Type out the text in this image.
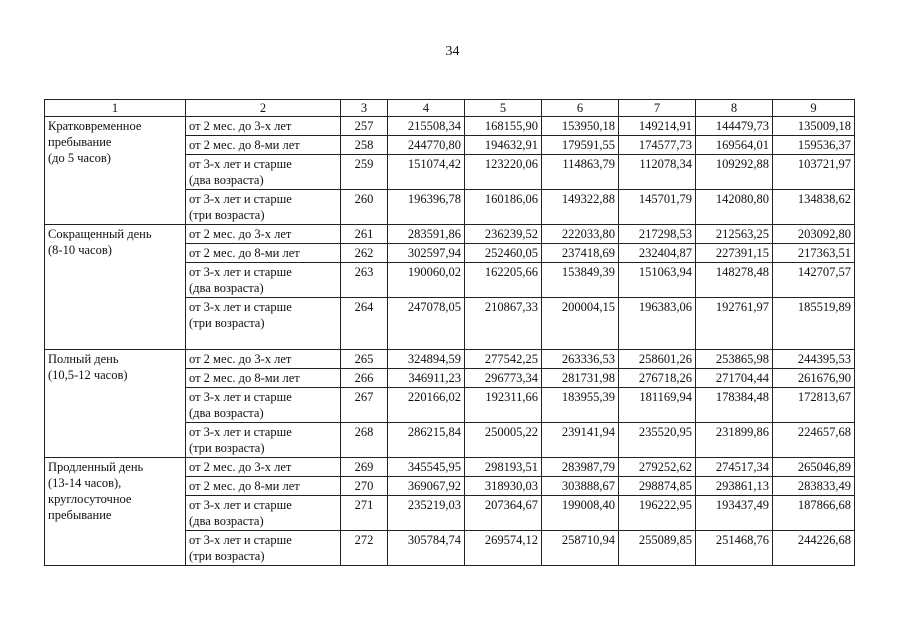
34
1	2	3	4	5	6	7	8	9

Кратковременное
пребывание
(до 5 часов)	от 2 мес. до 3-х лет	257	215508,34	168155,90	153950,18	149214,91	144479,73	135009,18

	от 2 мес. до 8-ми лет	258	244770,80	194632,91	179591,55	174577,73	169564,01	159536,37

	от 3-х лет и старше
(два возраста)	259	151074,42	123220,06	114863,79	112078,34	109292,88	103721,97

	от 3-х лет и старше
(три возраста)	260	196396,78	160186,06	149322,88	145701,79	142080,80	134838,62

Сокращенный день
(8-10 часов)	от 2 мес. до 3-х лет	261	283591,86	236239,52	222033,80	217298,53	212563,25	203092,80

	от 2 мес. до 8-ми лет	262	302597,94	252460,05	237418,69	232404,87	227391,15	217363,51

	от 3-х лет и старше
(два возраста)	263	190060,02	162205,66	153849,39	151063,94	148278,48	142707,57

	от 3-х лет и старше
(три возраста)	264	247078,05	210867,33	200004,15	196383,06	192761,97	185519,89

Полный день
(10,5-12 часов)	от 2 мес. до 3-х лет	265	324894,59	277542,25	263336,53	258601,26	253865,98	244395,53

	от 2 мес. до 8-ми лет	266	346911,23	296773,34	281731,98	276718,26	271704,44	261676,90

	от 3-х лет и старше
(два возраста)	267	220166,02	192311,66	183955,39	181169,94	178384,48	172813,67

	от 3-х лет и старше
(три возраста)	268	286215,84	250005,22	239141,94	235520,95	231899,86	224657,68

Продленный день
(13-14 часов),
круглосуточное
пребывание	от 2 мес. до 3-х лет	269	345545,95	298193,51	283987,79	279252,62	274517,34	265046,89

	от 2 мес. до 8-ми лет	270	369067,92	318930,03	303888,67	298874,85	293861,13	283833,49

	от 3-х лет и старше
(два возраста)	271	235219,03	207364,67	199008,40	196222,95	193437,49	187866,68

	от 3-х лет и старше
(три возраста)	272	305784,74	269574,12	258710,94	255089,85	251468,76	244226,68
